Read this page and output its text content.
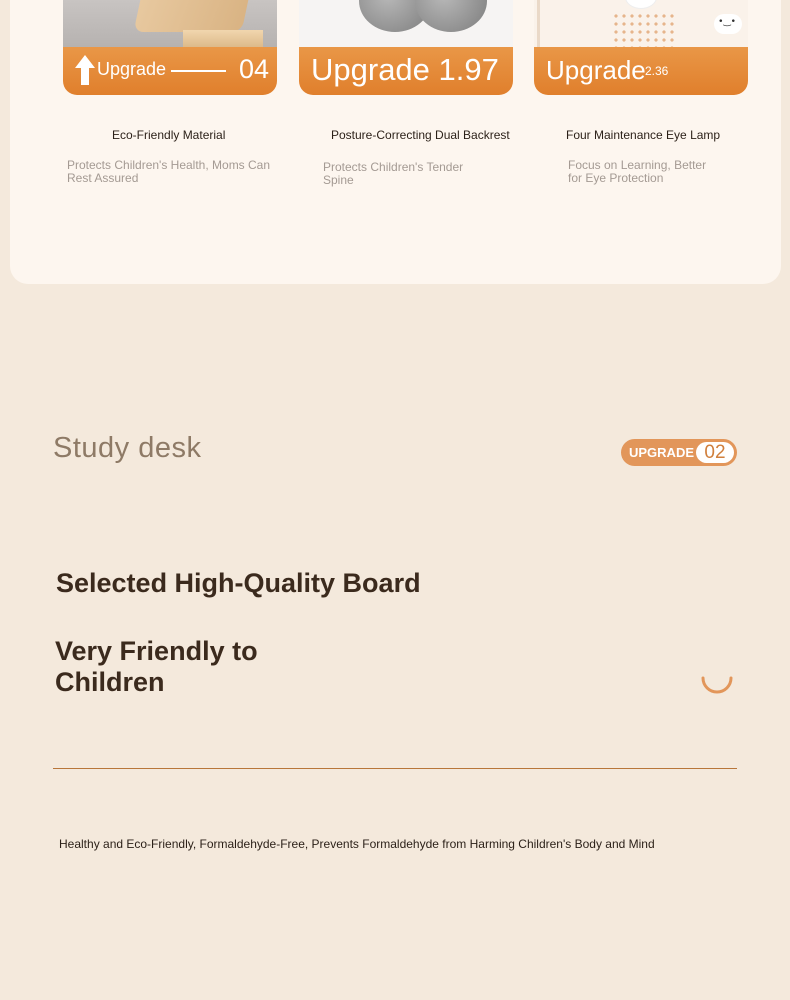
Upgrade	04 Upgrade 1.97
•‿•
Upgrade 2.36
Eco-Friendly Material	Posture-Correcting Dual Backrest	Four Maintenance Eye Lamp
Protects Children's Health, Moms Can Rest Assured
Protects Children's Tender Spine
Focus on Learning, Better for Eye Protection
Study desk	UPGRADE 02
Selected High-Quality Board
Very Friendly to Children
Healthy and Eco-Friendly, Formaldehyde-Free, Prevents Formaldehyde from Harming Children's Body and Mind
